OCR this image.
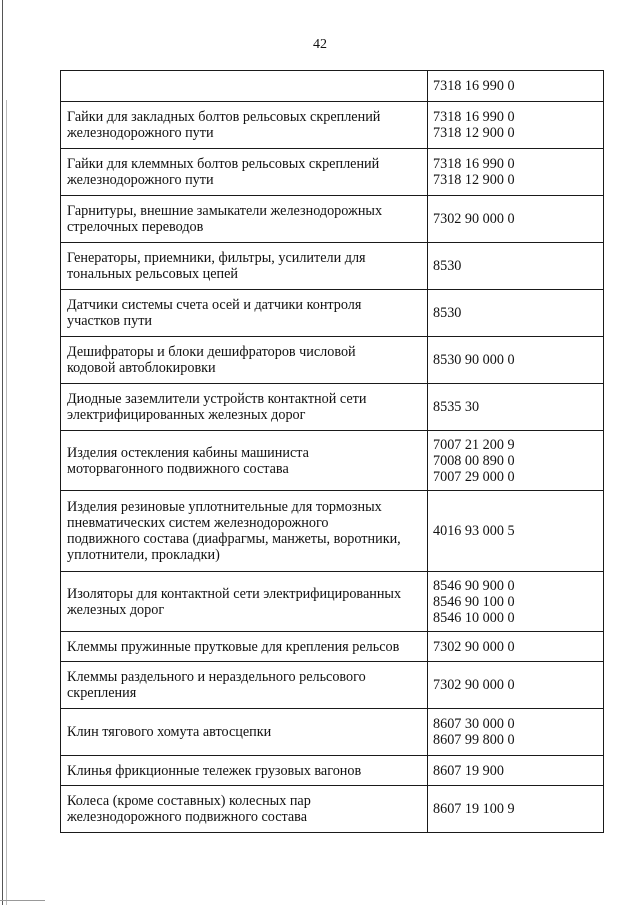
42
	7318 16 990 0
Гайки для закладных болтов рельсовых скреплений
железнодорожного пути	7318 16 990 0
7318 12 900 0
Гайки для клеммных болтов рельсовых скреплений
железнодорожного пути	7318 16 990 0
7318 12 900 0
Гарнитуры, внешние замыкатели железнодорожных
стрелочных переводов	7302 90 000 0
Генераторы, приемники, фильтры, усилители для
тональных рельсовых цепей	8530
Датчики системы счета осей и датчики контроля
участков пути	8530
Дешифраторы и блоки дешифраторов числовой
кодовой автоблокировки	8530 90 000 0
Диодные заземлители устройств контактной сети
электрифицированных железных дорог	8535 30
Изделия остекления кабины машиниста
моторвагонного подвижного состава	7007 21 200 9
7008 00 890 0
7007 29 000 0
Изделия резиновые уплотнительные для тормозных
пневматических систем железнодорожного
подвижного состава (диафрагмы, манжеты, воротники,
уплотнители, прокладки)	4016 93 000 5
Изоляторы для контактной сети электрифицированных
железных дорог	8546 90 900 0
8546 90 100 0
8546 10 000 0
Клеммы пружинные прутковые для крепления рельсов	7302 90 000 0
Клеммы раздельного и нераздельного рельсового
скрепления	7302 90 000 0
Клин тягового хомута автосцепки	8607 30 000 0
8607 99 800 0
Клинья фрикционные тележек грузовых вагонов	8607 19 900
Колеса (кроме составных) колесных пар
железнодорожного подвижного состава	8607 19 100 9
